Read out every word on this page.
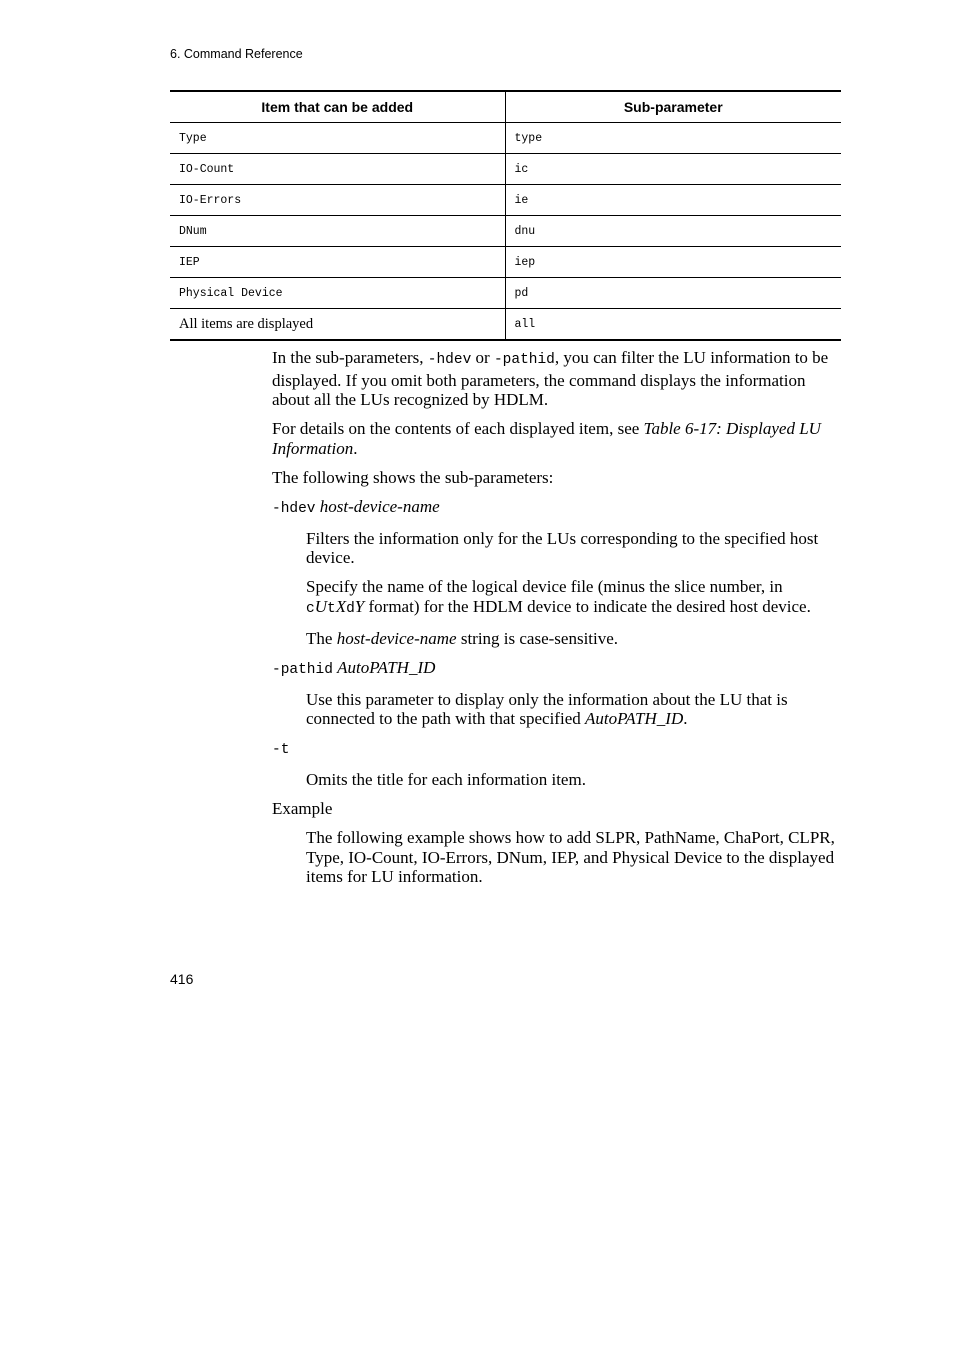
6. Command Reference
Item that can be added	Sub-parameter
Type	type
IO-Count	ic
IO-Errors	ie
DNum	dnu
IEP	iep
Physical Device	pd
All items are displayed	all

In the sub-parameters, -hdev or -pathid, you can filter the LU information to be displayed. If you omit both parameters, the command displays the information about all the LUs recognized by HDLM.

For details on the contents of each displayed item, see Table 6-17: Displayed LU Information.

The following shows the sub-parameters:

-hdev host-device-name

Filters the information only for the LUs corresponding to the specified host device.

Specify the name of the logical device file (minus the slice number, in cUtXdY format) for the HDLM device to indicate the desired host device.

The host-device-name string is case-sensitive.

-pathid AutoPATH_ID

Use this parameter to display only the information about the LU that is connected to the path with that specified AutoPATH_ID.

-t

Omits the title for each information item.

Example

The following example shows how to add SLPR, PathName, ChaPort, CLPR, Type, IO-Count, IO-Errors, DNum, IEP, and Physical Device to the displayed items for LU information.

416
